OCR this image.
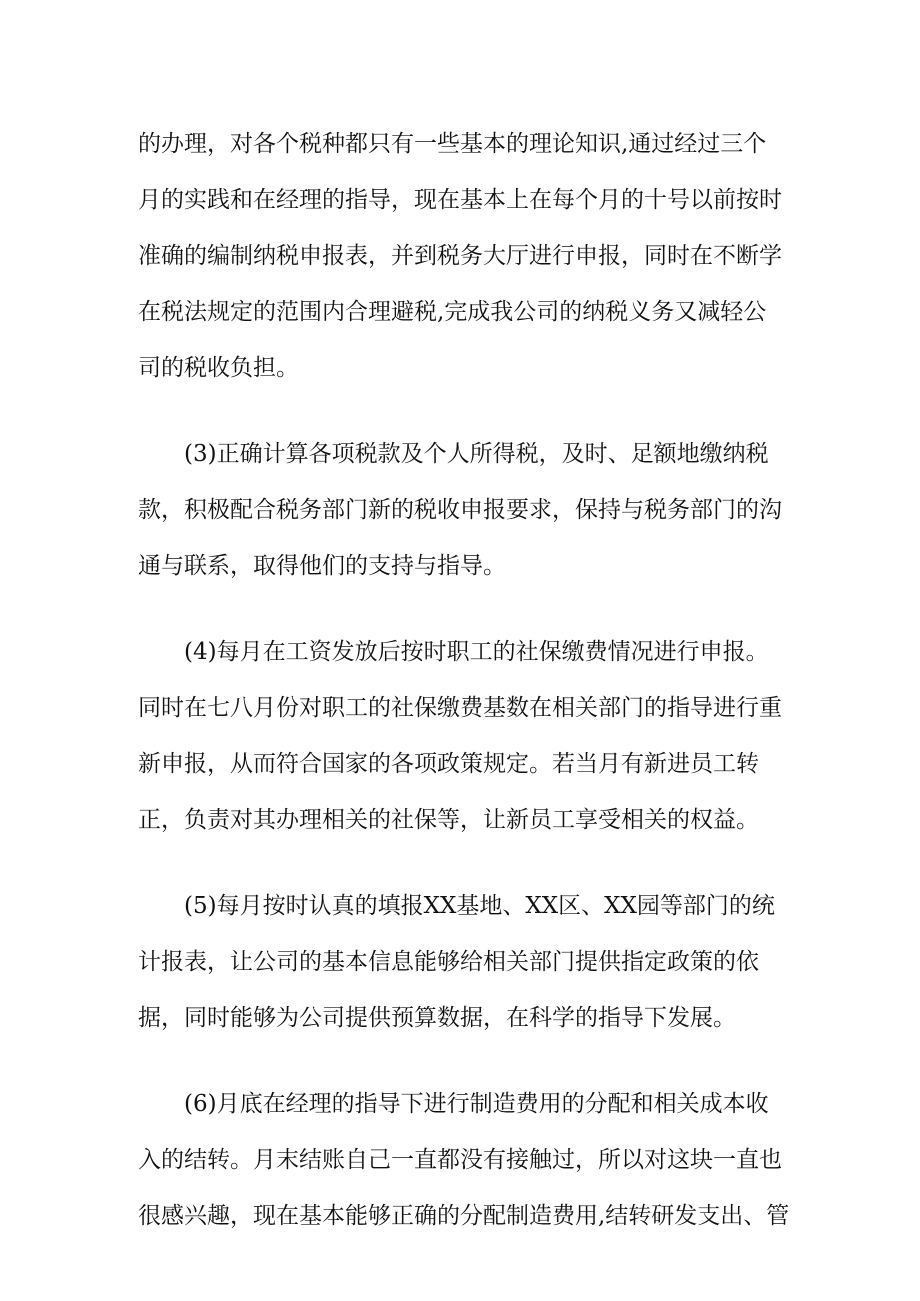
的办理，对各个税种都只有一些基本的理论知识,通过经过三个
月的实践和在经理的指导，现在基本上在每个月的十号以前按时
准确的编制纳税申报表，并到税务大厅进行申报，同时在不断学
在税法规定的范围内合理避税,完成我公司的纳税义务又减轻公
司的税收负担。
(3)正确计算各项税款及个人所得税，及时、足额地缴纳税
款，积极配合税务部门新的税收申报要求，保持与税务部门的沟
通与联系，取得他们的支持与指导。
(4)每月在工资发放后按时职工的社保缴费情况进行申报。
同时在七八月份对职工的社保缴费基数在相关部门的指导进行重
新申报，从而符合国家的各项政策规定。若当月有新进员工转
正，负责对其办理相关的社保等，让新员工享受相关的权益。
(5)每月按时认真的填报XX基地、XX区、XX园等部门的统
计报表，让公司的基本信息能够给相关部门提供指定政策的依
据，同时能够为公司提供预算数据，在科学的指导下发展。
(6)月底在经理的指导下进行制造费用的分配和相关成本收
入的结转。月末结账自己一直都没有接触过，所以对这块一直也
很感兴趣，现在基本能够正确的分配制造费用,结转研发支出、管
